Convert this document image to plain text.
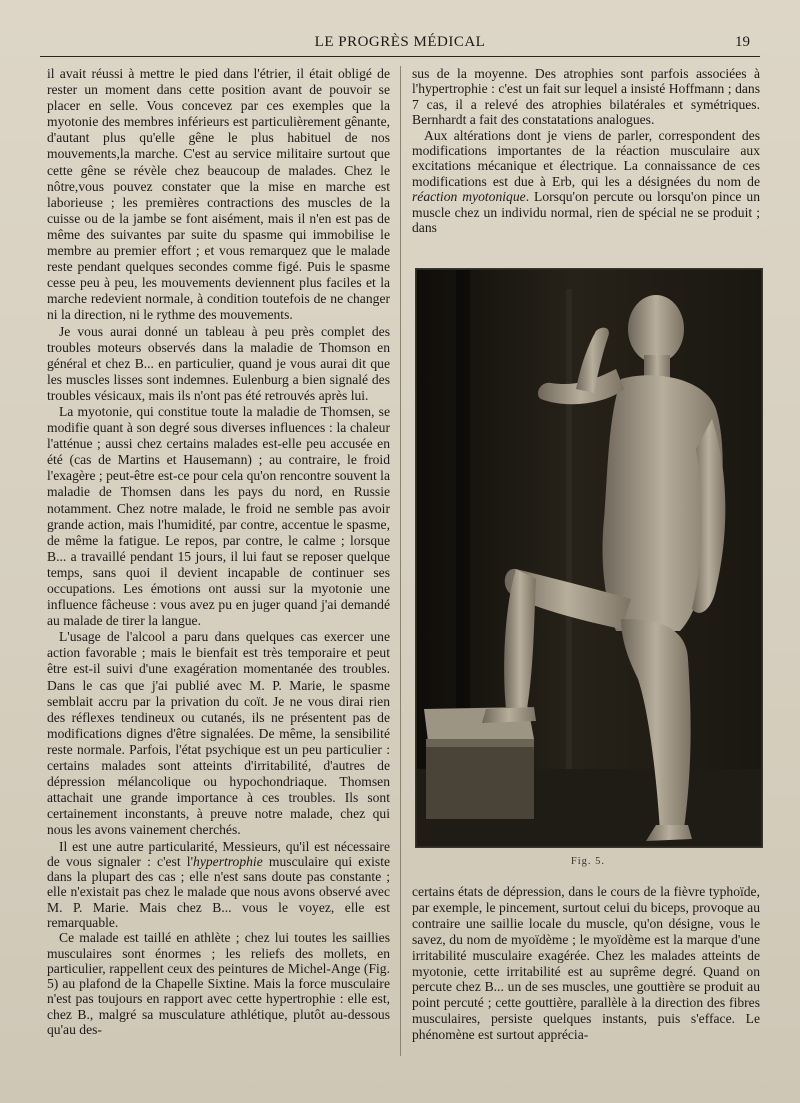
LE PROGRÈS MÉDICAL	19

il avait réussi à mettre le pied dans l'étrier, il était obligé de rester un moment dans cette position avant de pouvoir se placer en selle. Vous concevez par ces exemples que la myotonie des membres inférieurs est particulièrement gênante, d'autant plus qu'elle gêne le plus habituel de nos mouvements,la marche. C'est au service militaire surtout que cette gêne se révèle chez beaucoup de malades. Chez le nôtre,vous pouvez constater que la mise en marche est laborieuse ; les premières contractions des muscles de la cuisse ou de la jambe se font aisément, mais il n'en est pas de même des suivantes par suite du spasme qui immobilise le membre au premier effort ; et vous remarquez que le malade reste pendant quelques secondes comme figé. Puis le spasme cesse peu à peu, les mouvements deviennent plus faciles et la marche redevient normale, à condition toutefois de ne changer ni la direction, ni le rythme des mouvements.

Je vous aurai donné un tableau à peu près complet des troubles moteurs observés dans la maladie de Thomson en général et chez B... en particulier, quand je vous aurai dit que les muscles lisses sont indemnes. Eulenburg a bien signalé des troubles vésicaux, mais ils n'ont pas été retrouvés après lui.

La myotonie, qui constitue toute la maladie de Thomsen, se modifie quant à son degré sous diverses influences : la chaleur l'atténue ; aussi chez certains malades est-elle peu accusée en été (cas de Martins et Hausemann) ; au contraire, le froid l'exagère ; peut-être est-ce pour cela qu'on rencontre souvent la maladie de Thomsen dans les pays du nord, en Russie notamment. Chez notre malade, le froid ne semble pas avoir grande action, mais l'humidité, par contre, accentue le spasme, de même la fatigue. Le repos, par contre, le calme ; lorsque B... a travaillé pendant 15 jours, il lui faut se reposer quelque temps, sans quoi il devient incapable de continuer ses occupations. Les émotions ont aussi sur la myotonie une influence fâcheuse : vous avez pu en juger quand j'ai demandé au malade de tirer la langue.

L'usage de l'alcool a paru dans quelques cas exercer une action favorable ; mais le bienfait est très temporaire et peut être est-il suivi d'une exagération momentanée des troubles. Dans le cas que j'ai publié avec M. P. Marie, le spasme semblait accru par la privation du coït. Je ne vous dirai rien des réflexes tendineux ou cutanés, ils ne présentent pas de modifications dignes d'être signalées. De même, la sensibilité reste normale. Parfois, l'état psychique est un peu particulier : certains malades sont atteints d'irritabilité, d'autres de dépression mélancolique ou hypochondriaque. Thomsen attachait une grande importance à ces troubles. Ils sont certainement inconstants, à preuve notre malade, chez qui nous les avons vainement cherchés.

Il est une autre particularité, Messieurs, qu'il est nécessaire de vous signaler : c'est l'hypertrophie musculaire qui existe dans la plupart des cas ; elle n'est sans doute pas constante ; elle n'existait pas chez le malade que nous avons observé avec M. P. Marie. Mais chez B... vous le voyez, elle est remarquable.

Ce malade est taillé en athlète ; chez lui toutes les saillies musculaires sont énormes ; les reliefs des mollets, en particulier, rappellent ceux des peintures de Michel-Ange (Fig. 5) au plafond de la Chapelle Sixtine. Mais la force musculaire n'est pas toujours en rapport avec cette hypertrophie : elle est, chez B., malgré sa musculature athlétique, plutôt au-dessous qu'au des-

sus de la moyenne. Des atrophies sont parfois associées à l'hypertrophie : c'est un fait sur lequel a insisté Hoffmann ; dans 7 cas, il a relevé des atrophies bilatérales et symétriques. Bernhardt a fait des constatations analogues.

Aux altérations dont je viens de parler, correspondent des modifications importantes de la réaction musculaire aux excitations mécanique et électrique. La connaissance de ces modifications est due à Erb, qui les a désignées du nom de réaction myotonique. Lorsqu'on percute ou lorsqu'on pince un muscle chez un individu normal, rien de spécial ne se produit ; dans

certains états de dépression, dans le cours de la fièvre typhoïde, par exemple, le pincement, surtout celui du biceps, provoque au contraire une saillie locale du muscle, qu'on désigne, vous le savez, du nom de myoïdème ; le myoïdème est la marque d'une irritabilité musculaire exagérée. Chez les malades atteints de myotonie, cette irritabilité est au suprême degré. Quand on percute chez B... un de ses muscles, une gouttière se produit au point percuté ; cette gouttière, parallèle à la direction des fibres musculaires, persiste quelques instants, puis s'efface. Le phénomène est surtout apprécia-

Fig. 5.
